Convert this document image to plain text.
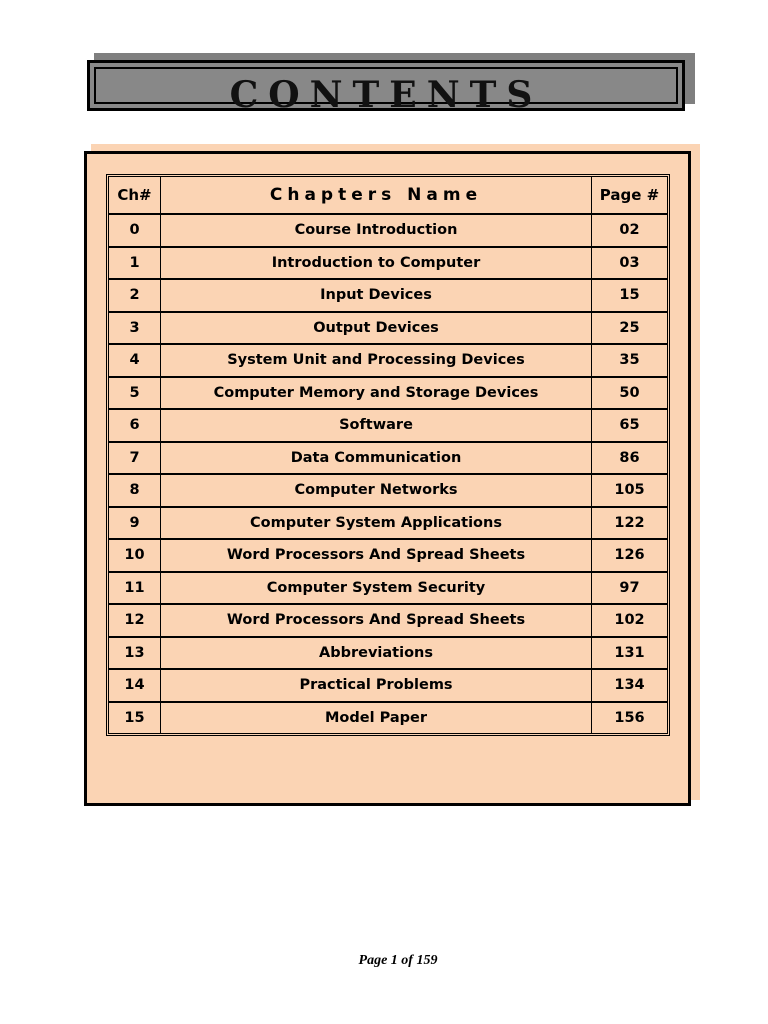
CONTENTS
Ch#	Chapters Name	Page #
0	Course Introduction	02
1	Introduction to Computer	03
2	Input Devices	15
3	Output Devices	25
4	System Unit and Processing Devices	35
5	Computer Memory and Storage Devices	50
6	Software	65
7	Data Communication	86
8	Computer Networks	105
9	Computer System Applications	122
10	Word Processors And Spread Sheets	126
11	Computer System Security	97
12	Word Processors And Spread Sheets	102
13	Abbreviations	131
14	Practical Problems	134
15	Model Paper	156
Page 1 of 159
